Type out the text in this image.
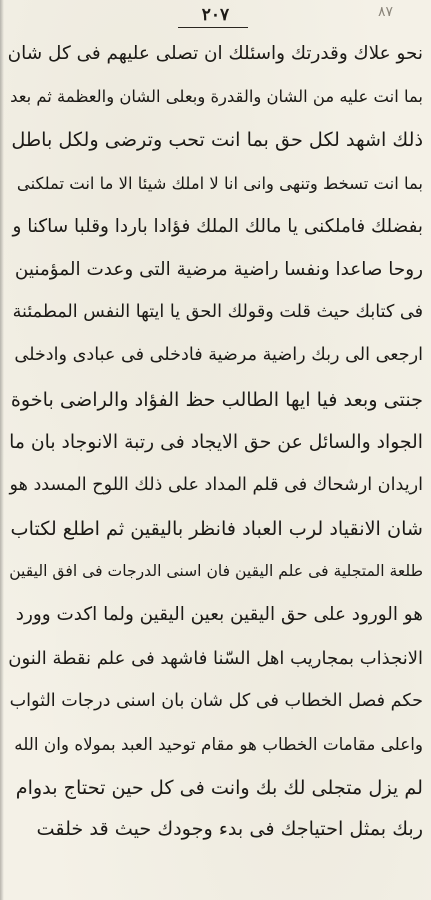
۲۰۷	۸۷
نحو علاك وقدرتك واسئلك ان تصلى عليهم فى كل شان
بما انت عليه من الشان والقدرة وبعلى الشان والعظمة ثم بعد
ذلك اشهد لكل حق بما انت تحب وترضى ولكل باطل
بما انت تسخط وتنهى وانى انا لا املك شيئا الا ما انت تملكنى
بفضلك فاملكنى يا مالك الملك فؤادا باردا وقلبا ساكنا و
روحا صاعدا ونفسا راضية مرضية التى وعدت المؤمنين
فى كتابك حيث قلت وقولك الحق يا ايتها النفس المطمئنة
ارجعى الى ربك راضية مرضية فادخلى فى عبادى وادخلى
جنتى وبعد فيا ايها الطالب حظ الفؤاد والراضى باخوة
الجواد والسائل عن حق الايجاد فى رتبة الانوجاد بان ما
اريدان ارشحاك فى قلم المداد على ذلك اللوح المسدد هو
شان الانقياد لرب العباد فانظر باليقين ثم اطلع لكتاب
طلعة المتجلية فى علم اليقين فان اسنى الدرجات فى افق اليقين
هو الورود على حق اليقين بعين اليقين ولما اكدت وورد
الانجذاب بمجاريب اهل السّنا فاشهد فى علم نقطة النون
حكم فصل الخطاب فى كل شان بان اسنى درجات الثواب
واعلى مقامات الخطاب هو مقام توحيد العبد بمولاه وان الله
لم يزل متجلى لك بك وانت فى كل حين تحتاج بدوام
ربك بمثل احتياجك فى بدء وجودك حيث قد خلقت
